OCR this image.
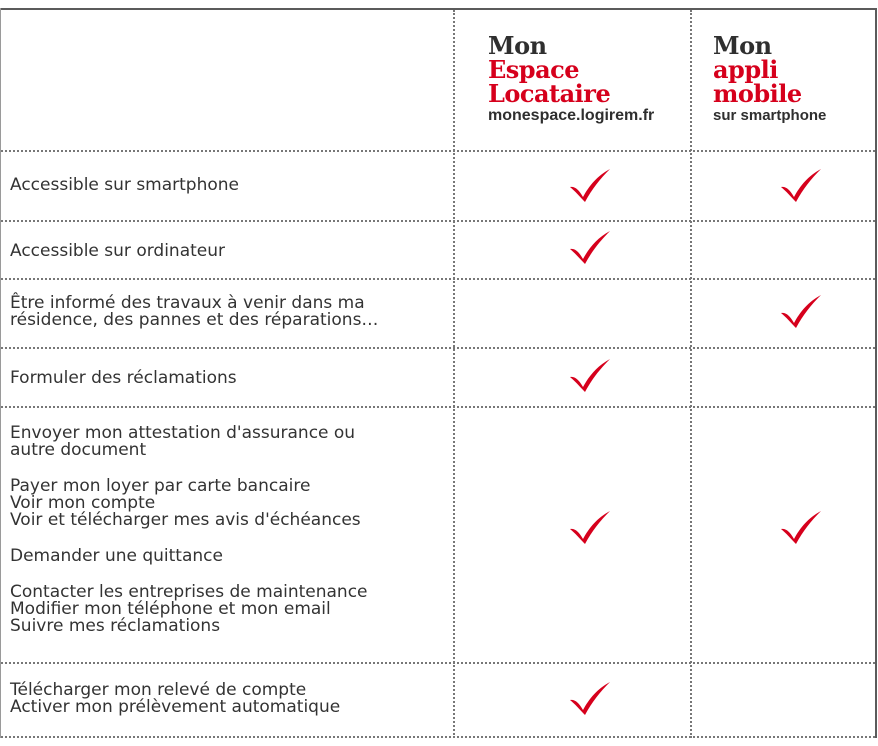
Mon
Espace
Locataire
monespace.logirem.fr
Mon
appli
mobile
sur smartphone
Accessible sur smartphone
Accessible sur ordinateur
Être informé des travaux à venir dans ma
résidence, des pannes et des réparations…
Formuler des réclamations
Envoyer mon attestation d'assurance ou
autre document
Payer mon loyer par carte bancaire
Voir mon compte
Voir et télécharger mes avis d'échéances
Demander une quittance
Contacter les entreprises de maintenance
Modifier mon téléphone et mon email
Suivre mes réclamations
Télécharger mon relevé de compte
Activer mon prélèvement automatique
